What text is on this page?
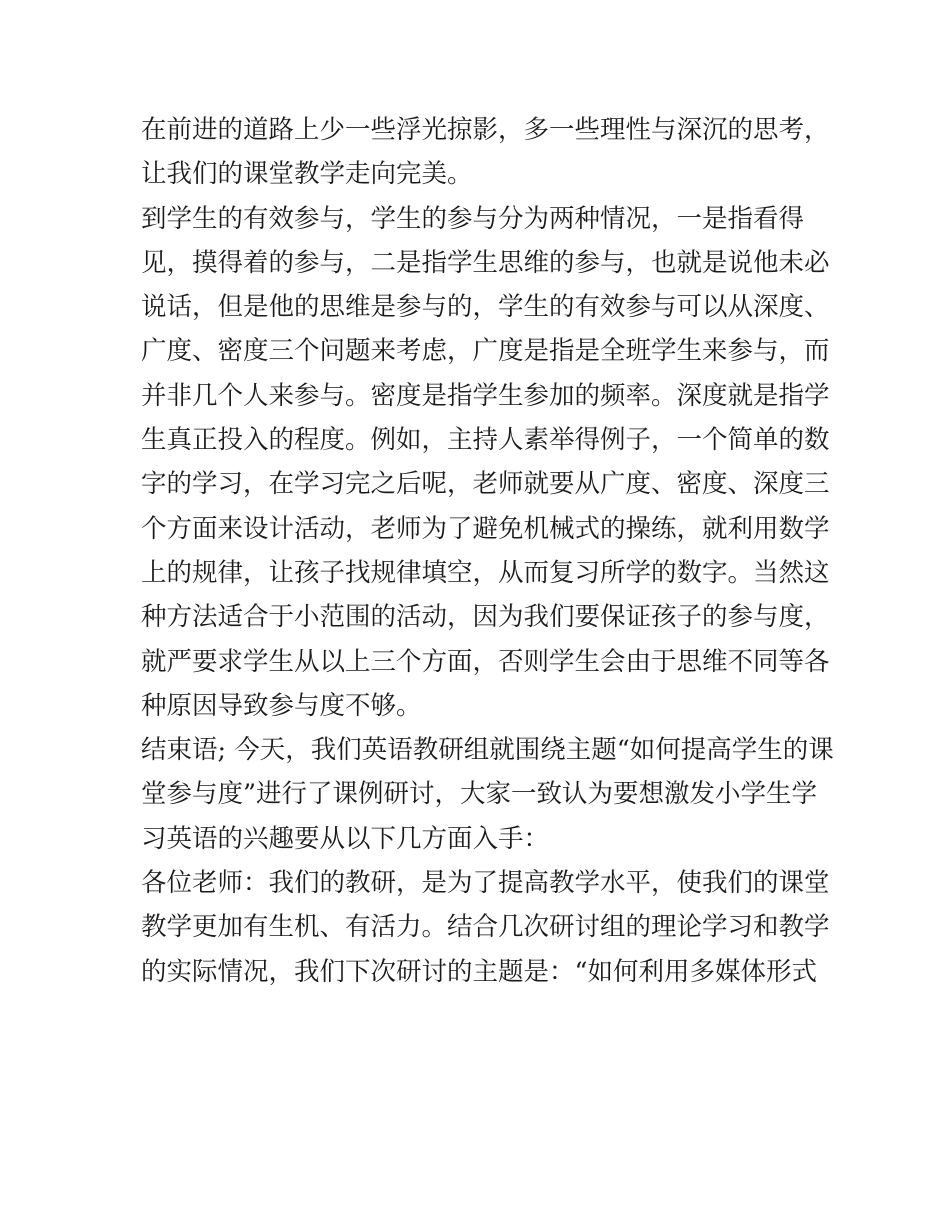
在前进的道路上少一些浮光掠影，多一些理性与深沉的思考，
让我们的课堂教学走向完美。
到学生的有效参与，学生的参与分为两种情况，一是指看得
见，摸得着的参与，二是指学生思维的参与，也就是说他未必
说话，但是他的思维是参与的，学生的有效参与可以从深度、
广度、密度三个问题来考虑，广度是指是全班学生来参与，而
并非几个人来参与。密度是指学生参加的频率。深度就是指学
生真正投入的程度。例如，主持人素举得例子，一个简单的数
字的学习，在学习完之后呢，老师就要从广度、密度、深度三
个方面来设计活动，老师为了避免机械式的操练，就利用数学
上的规律，让孩子找规律填空，从而复习所学的数字。当然这
种方法适合于小范围的活动，因为我们要保证孩子的参与度，
就严要求学生从以上三个方面，否则学生会由于思维不同等各
种原因导致参与度不够。
结束语; 今天，我们英语教研组就围绕主题“如何提高学生的课
堂参与度”进行了课例研讨，大家一致认为要想激发小学生学
习英语的兴趣要从以下几方面入手：
各位老师：我们的教研，是为了提高教学水平，使我们的课堂
教学更加有生机、有活力。结合几次研讨组的理论学习和教学
的实际情况，我们下次研讨的主题是：“如何利用多媒体形式
